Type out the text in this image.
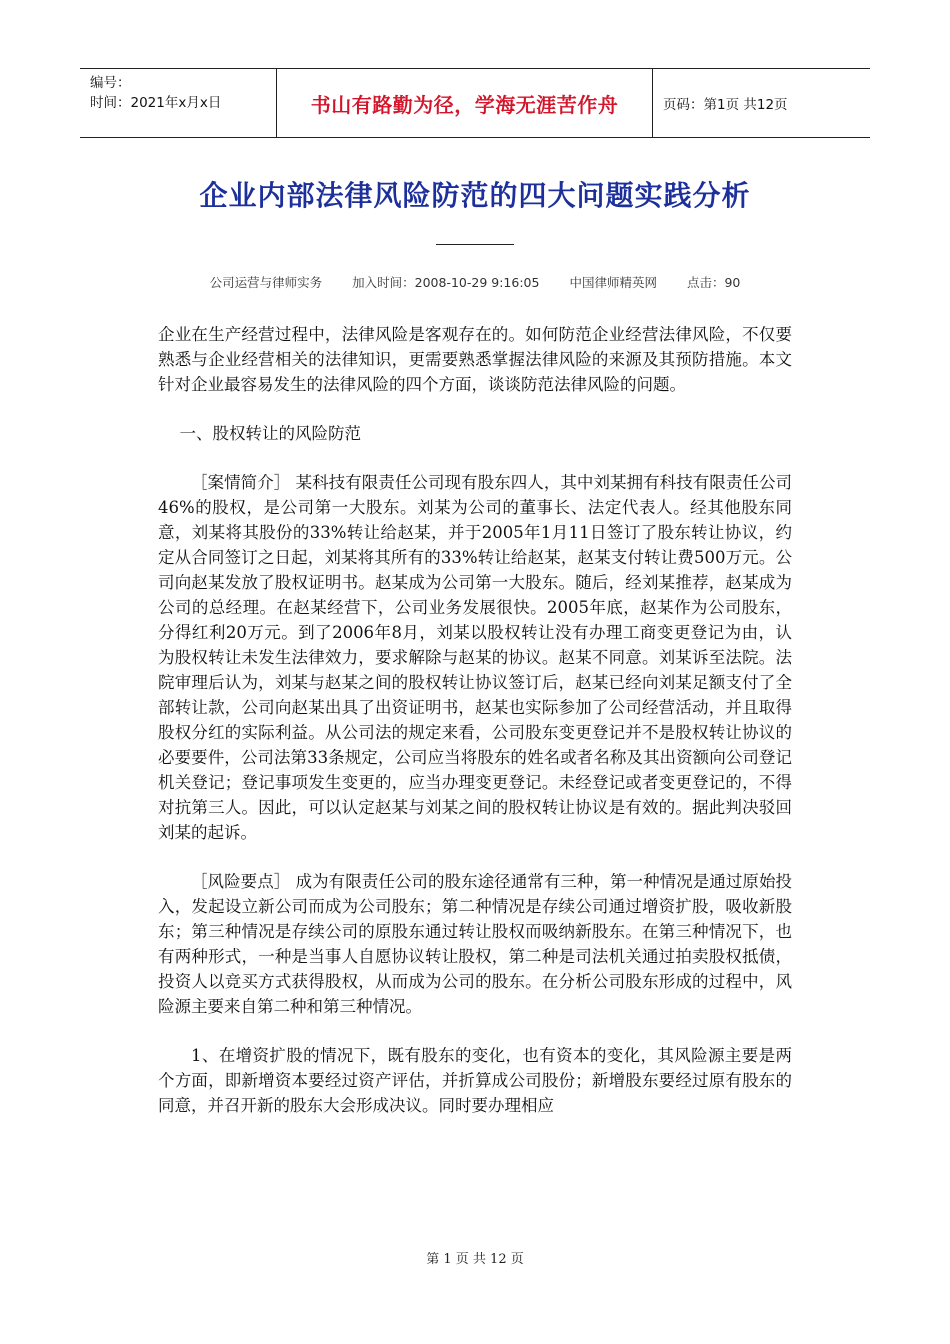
编号：
时间：2021年x月x日	书山有路勤为径，学海无涯苦作舟	页码：第1页 共12页
企业内部法律风险防范的四大问题实践分析
公司运营与律师实务 加入时间：2008-10-29 9:16:05 中国律师精英网 点击：90

企业在生产经营过程中，法律风险是客观存在的。如何防范企业经营法律风险，不仅要熟悉与企业经营相关的法律知识，更需要熟悉掌握法律风险的来源及其预防措施。本文针对企业最容易发生的法律风险的四个方面，谈谈防范法律风险的问题。

一、股权转让的风险防范

［案情简介］ 某科技有限责任公司现有股东四人，其中刘某拥有科技有限责任公司46%的股权，是公司第一大股东。刘某为公司的董事长、法定代表人。经其他股东同意，刘某将其股份的33%转让给赵某，并于2005年1月11日签订了股东转让协议，约定从合同签订之日起，刘某将其所有的33%转让给赵某，赵某支付转让费500万元。公司向赵某发放了股权证明书。赵某成为公司第一大股东。随后，经刘某推荐，赵某成为公司的总经理。在赵某经营下，公司业务发展很快。2005年底，赵某作为公司股东，分得红利20万元。到了2006年8月，刘某以股权转让没有办理工商变更登记为由，认为股权转让未发生法律效力，要求解除与赵某的协议。赵某不同意。刘某诉至法院。法院审理后认为，刘某与赵某之间的股权转让协议签订后，赵某已经向刘某足额支付了全部转让款，公司向赵某出具了出资证明书，赵某也实际参加了公司经营活动，并且取得股权分红的实际利益。从公司法的规定来看，公司股东变更登记并不是股权转让协议的必要要件，公司法第33条规定，公司应当将股东的姓名或者名称及其出资额向公司登记机关登记；登记事项发生变更的，应当办理变更登记。未经登记或者变更登记的，不得对抗第三人。因此，可以认定赵某与刘某之间的股权转让协议是有效的。据此判决驳回刘某的起诉。

［风险要点］ 成为有限责任公司的股东途径通常有三种，第一种情况是通过原始投入，发起设立新公司而成为公司股东；第二种情况是存续公司通过增资扩股，吸收新股东；第三种情况是存续公司的原股东通过转让股权而吸纳新股东。在第三种情况下，也有两种形式，一种是当事人自愿协议转让股权，第二种是司法机关通过拍卖股权抵债，投资人以竞买方式获得股权，从而成为公司的股东。在分析公司股东形成的过程中，风险源主要来自第二种和第三种情况。

1、在增资扩股的情况下，既有股东的变化，也有资本的变化，其风险源主要是两个方面，即新增资本要经过资产评估，并折算成公司股份；新增股东要经过原有股东的同意，并召开新的股东大会形成决议。同时要办理相应

第 1 页 共 12 页
